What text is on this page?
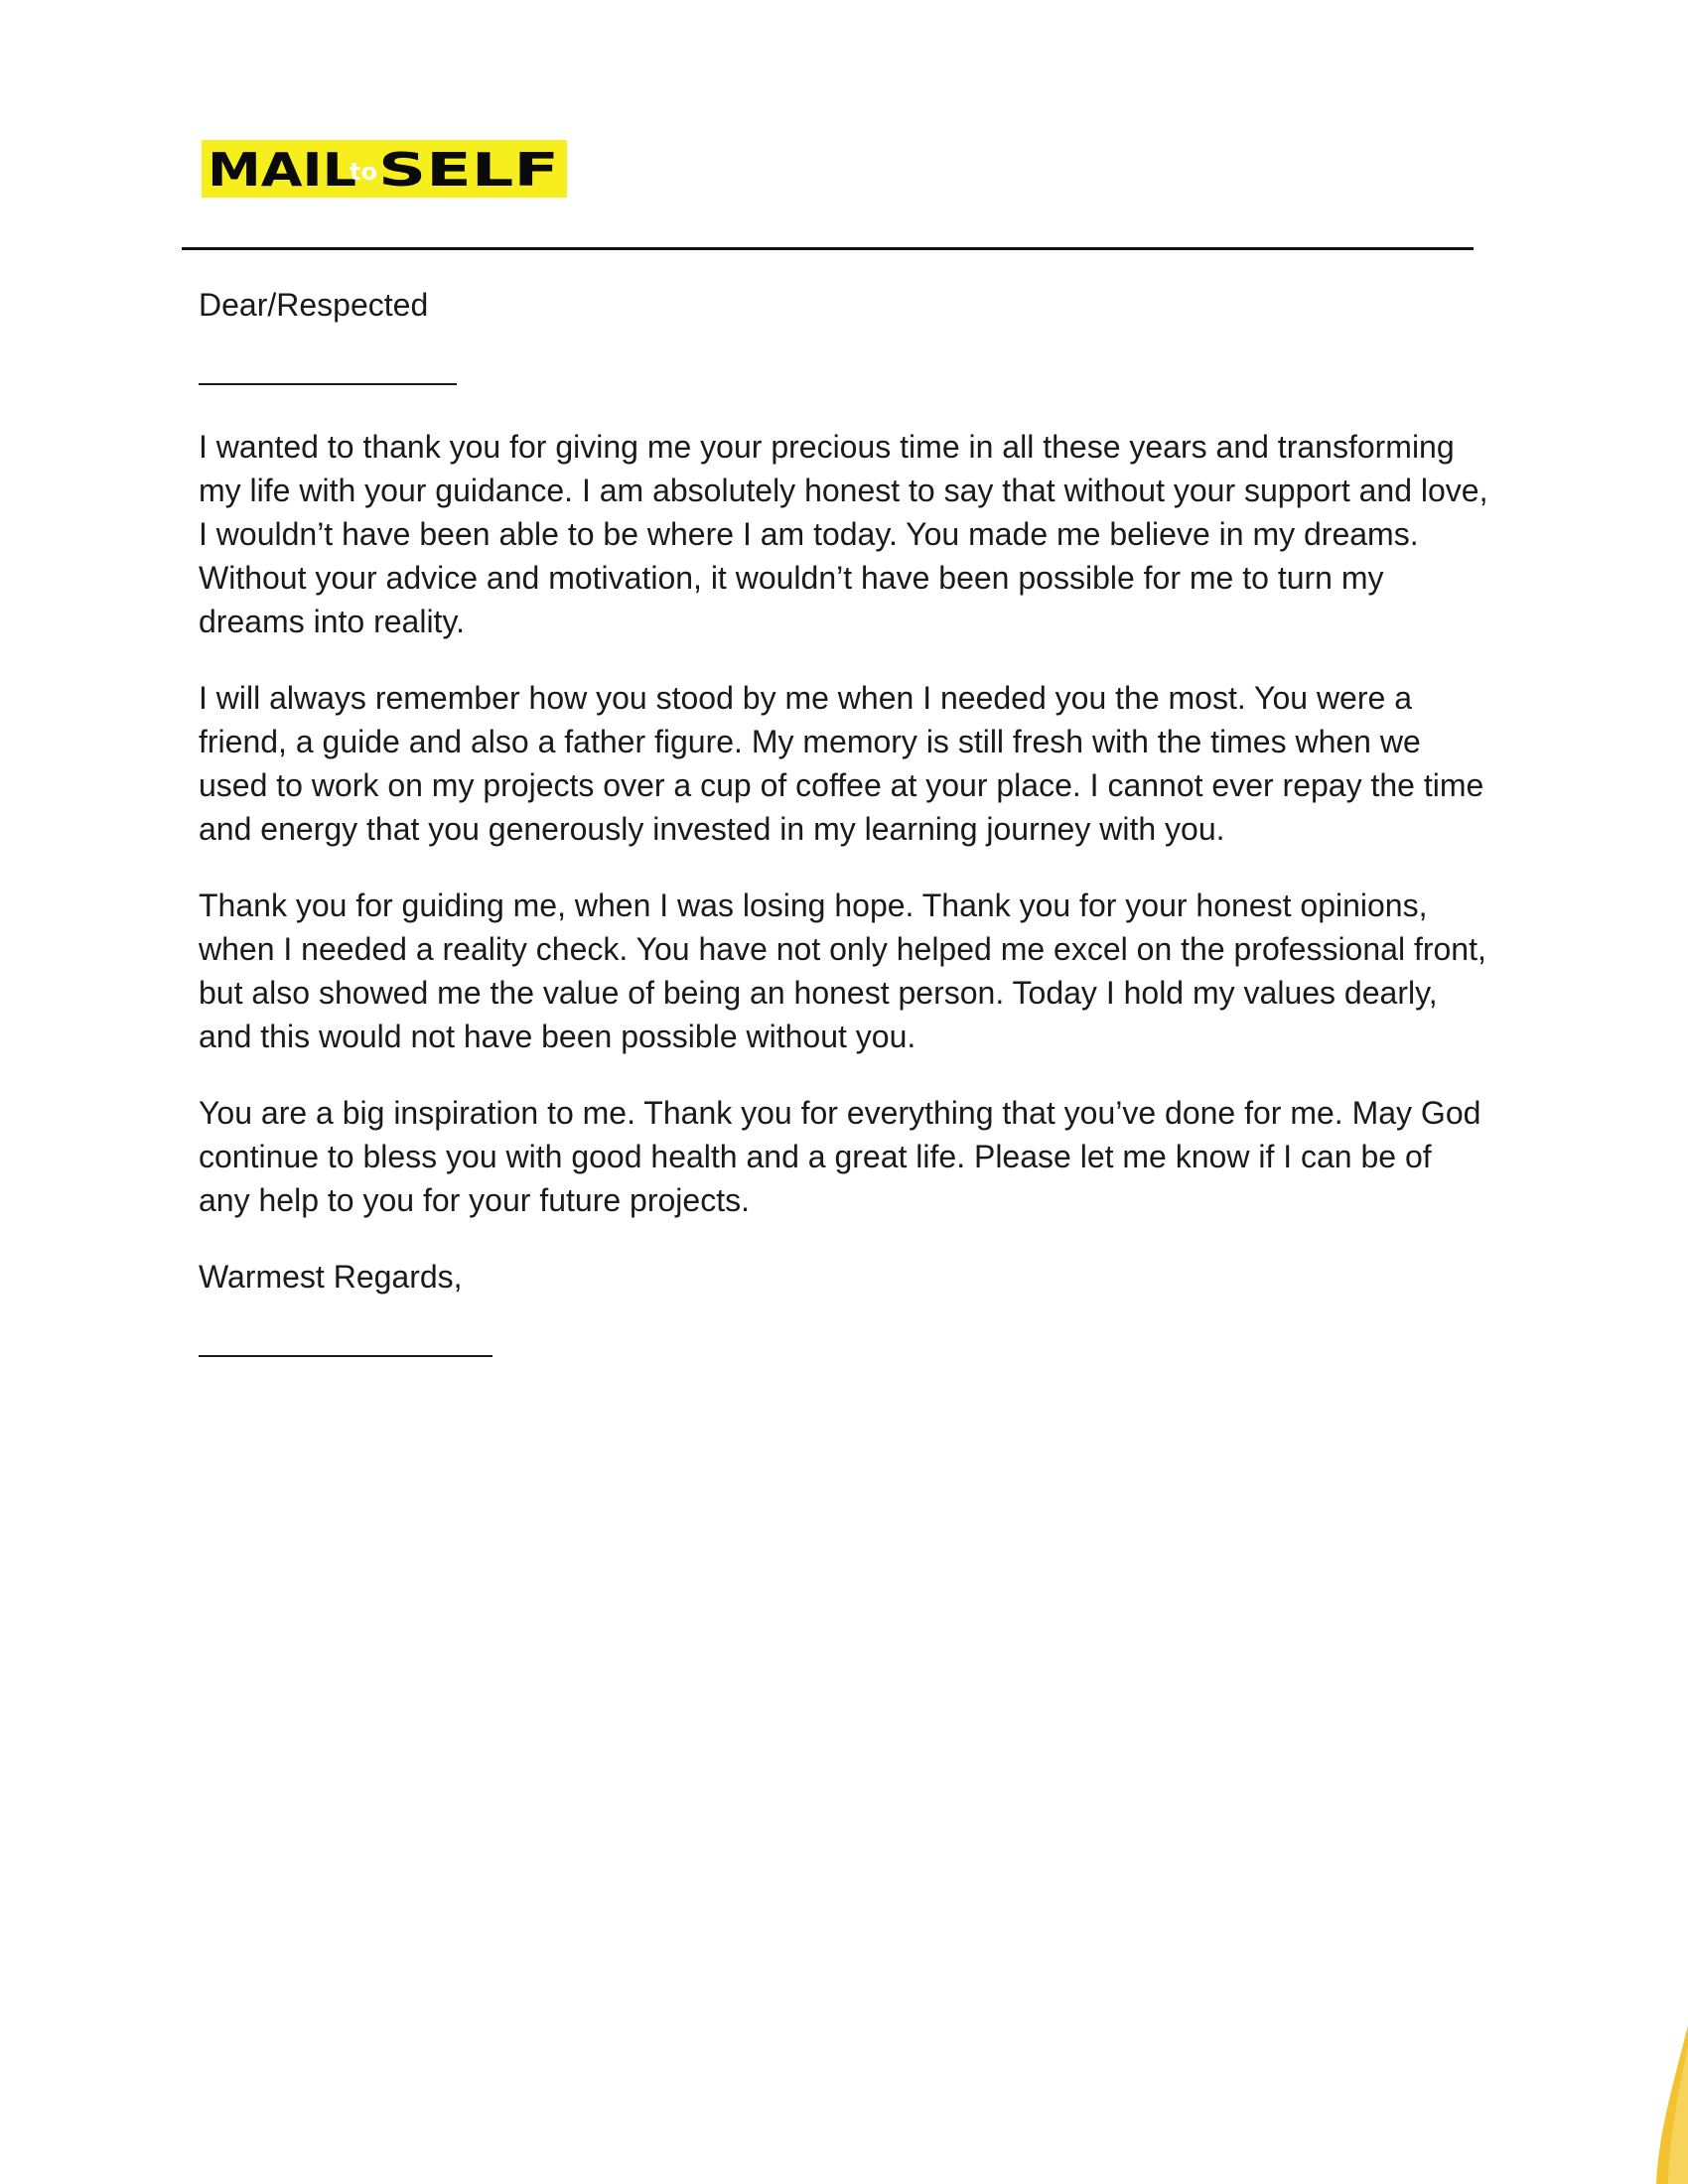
MAIL
to SELF

Dear/Respected

I wanted to thank you for giving me your precious time in all these years and transforming my life with your guidance. I am absolutely honest to say that without your support and love, I wouldn’t have been able to be where I am today. You made me believe in my dreams. Without your advice and motivation, it wouldn’t have been possible for me to turn my dreams into reality.

I will always remember how you stood by me when I needed you the most. You were a friend, a guide and also a father figure. My memory is still fresh with the times when we used to work on my projects over a cup of coffee at your place. I cannot ever repay the time and energy that you generously invested in my learning journey with you.

Thank you for guiding me, when I was losing hope. Thank you for your honest opinions, when I needed a reality check. You have not only helped me excel on the professional front, but also showed me the value of being an honest person. Today I hold my values dearly, and this would not have been possible without you.

You are a big inspiration to me. Thank you for everything that you’ve done for me. May God continue to bless you with good health and a great life. Please let me know if I can be of any help to you for your future projects.

Warmest Regards,
